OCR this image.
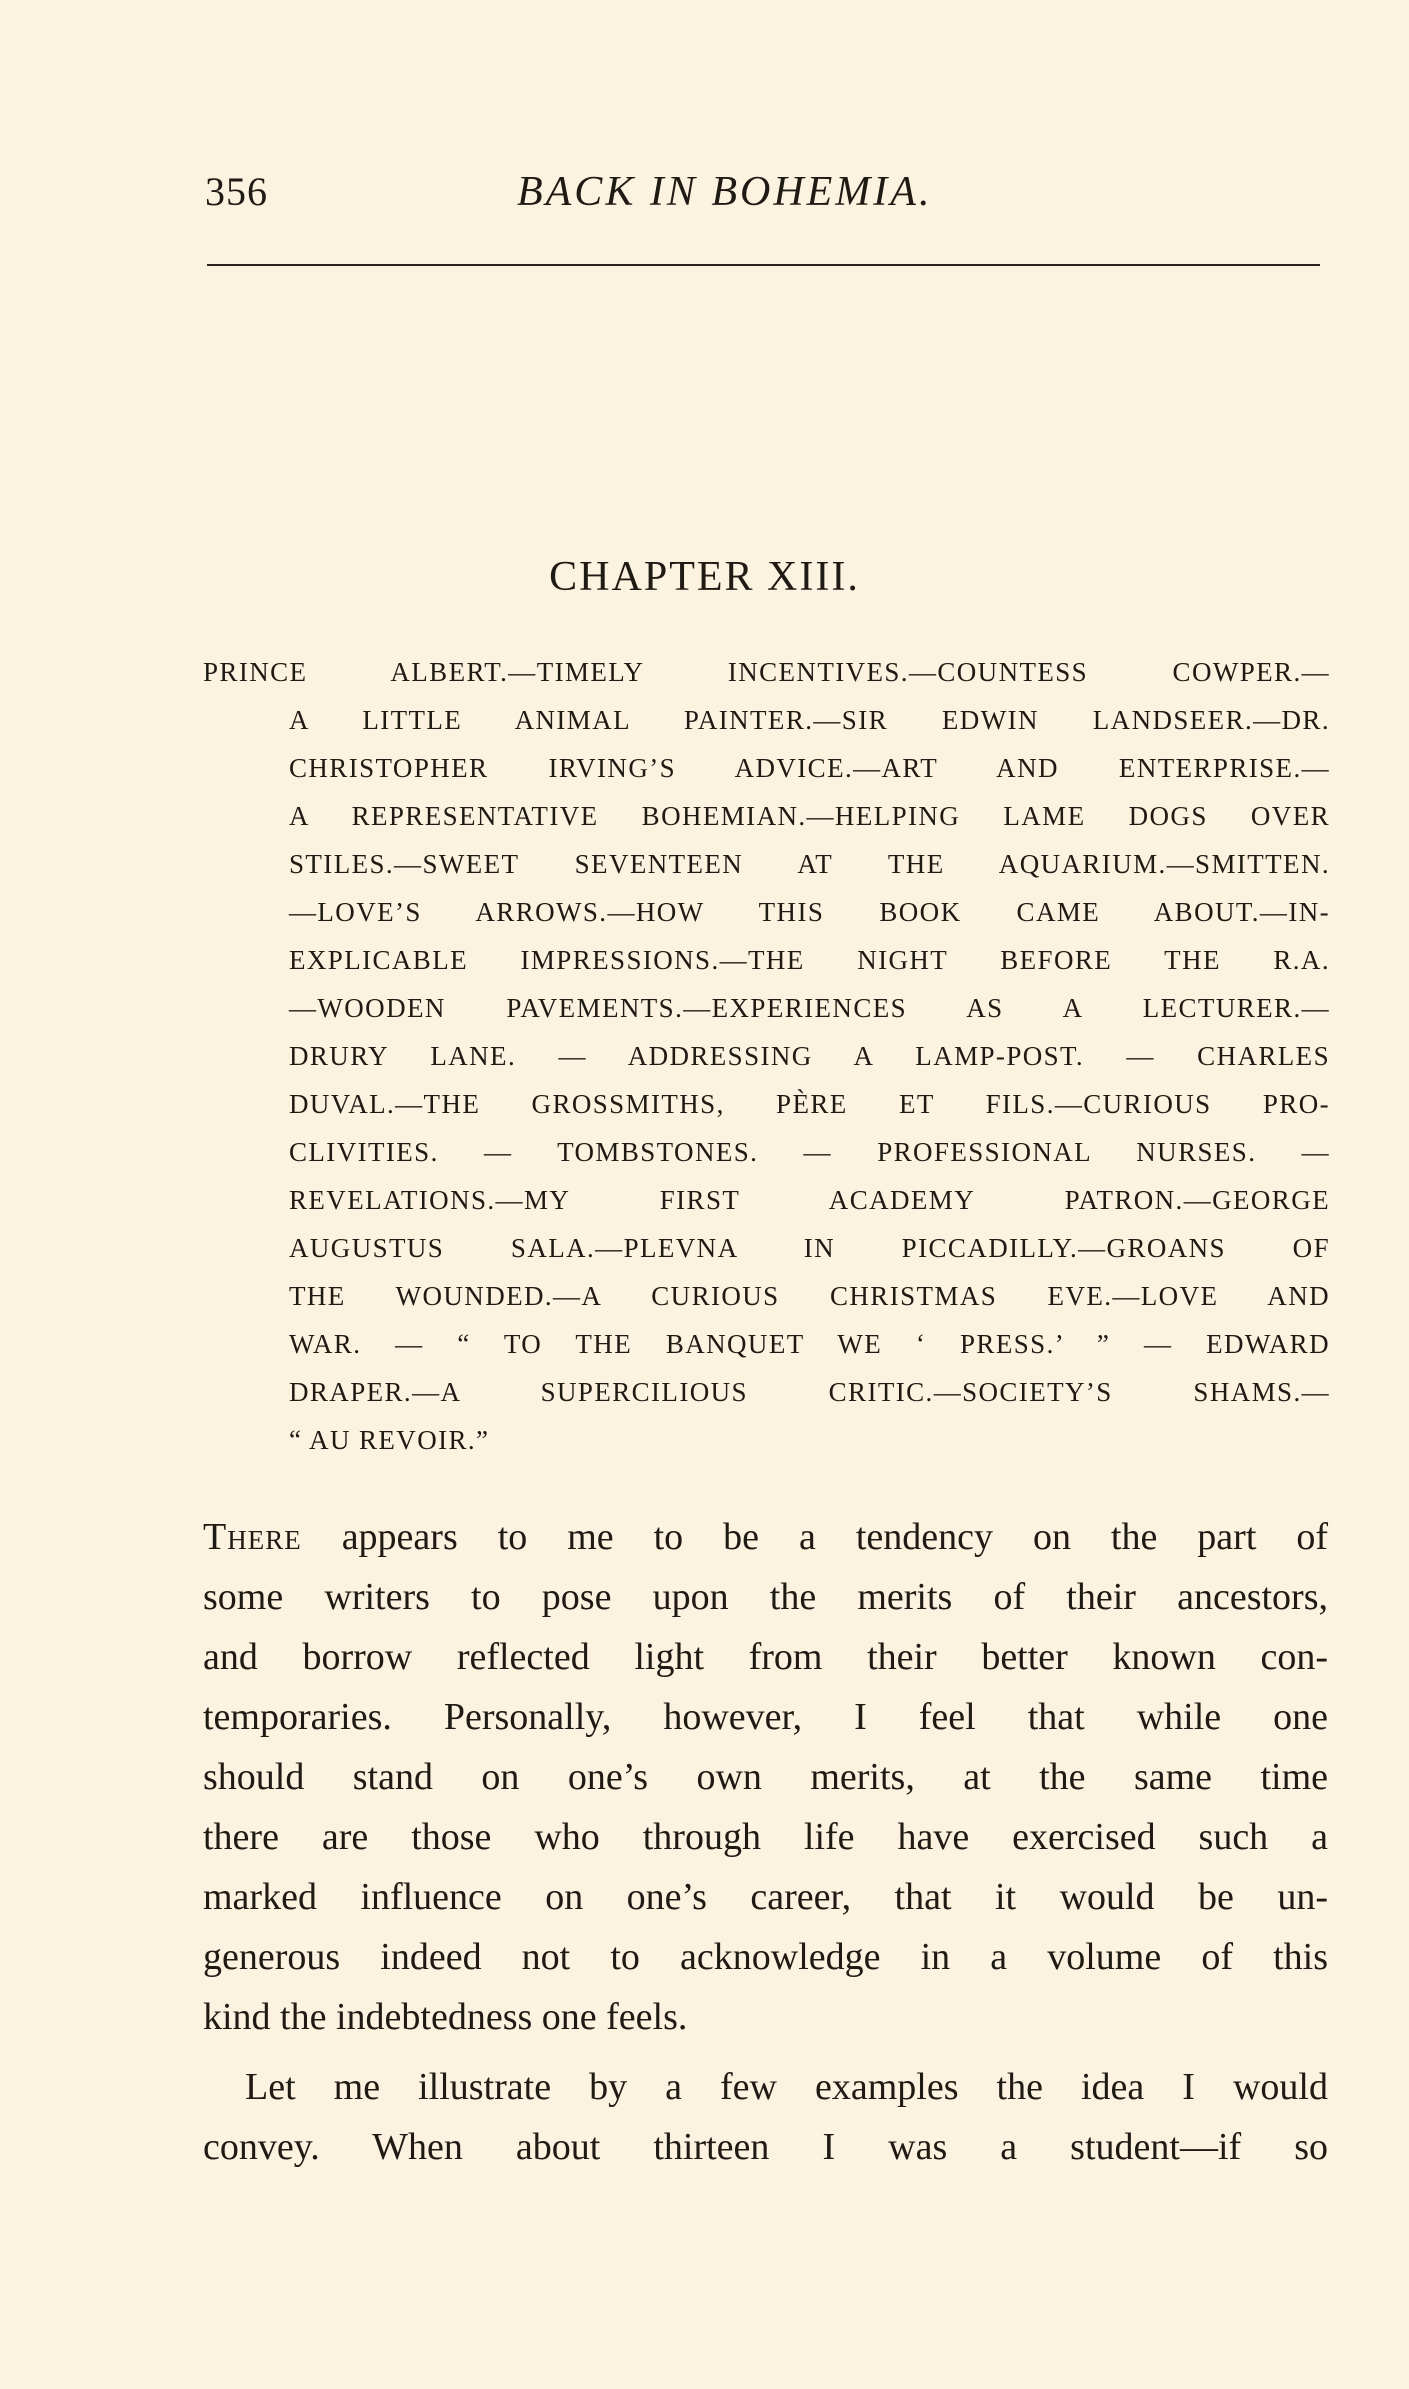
356	BACK IN BOHEMIA.
CHAPTER XIII.
PRINCE ALBERT.—TIMELY INCENTIVES.—COUNTESS COWPER.—
A LITTLE ANIMAL PAINTER.—SIR EDWIN LANDSEER.—DR.
CHRISTOPHER IRVING’S ADVICE.—ART AND ENTERPRISE.—
A REPRESENTATIVE BOHEMIAN.—HELPING LAME DOGS OVER
STILES.—SWEET SEVENTEEN AT THE AQUARIUM.—SMITTEN.
—LOVE’S ARROWS.—HOW THIS BOOK CAME ABOUT.—IN-
EXPLICABLE IMPRESSIONS.—THE NIGHT BEFORE THE R.A.
—WOODEN PAVEMENTS.—EXPERIENCES AS A LECTURER.—
DRURY LANE. — ADDRESSING A LAMP-POST. — CHARLES
DUVAL.—THE GROSSMITHS, PÈRE ET FILS.—CURIOUS PRO-
CLIVITIES. — TOMBSTONES. — PROFESSIONAL NURSES. —
REVELATIONS.—MY FIRST ACADEMY PATRON.—GEORGE
AUGUSTUS SALA.—PLEVNA IN PICCADILLY.—GROANS OF
THE WOUNDED.—A CURIOUS CHRISTMAS EVE.—LOVE AND
WAR. — “ TO THE BANQUET WE ‘ PRESS.’ ” — EDWARD
DRAPER.—A SUPERCILIOUS CRITIC.—SOCIETY’S SHAMS.—
“ AU REVOIR.”
There appears to me to be a tendency on the part of
some writers to pose upon the merits of their ancestors,
and borrow reflected light from their better known con-
temporaries. Personally, however, I feel that while one
should stand on one’s own merits, at the same time
there are those who through life have exercised such a
marked influence on one’s career, that it would be un-
generous indeed not to acknowledge in a volume of this
kind the indebtedness one feels.
Let me illustrate by a few examples the idea I would
convey. When about thirteen I was a student—if so
